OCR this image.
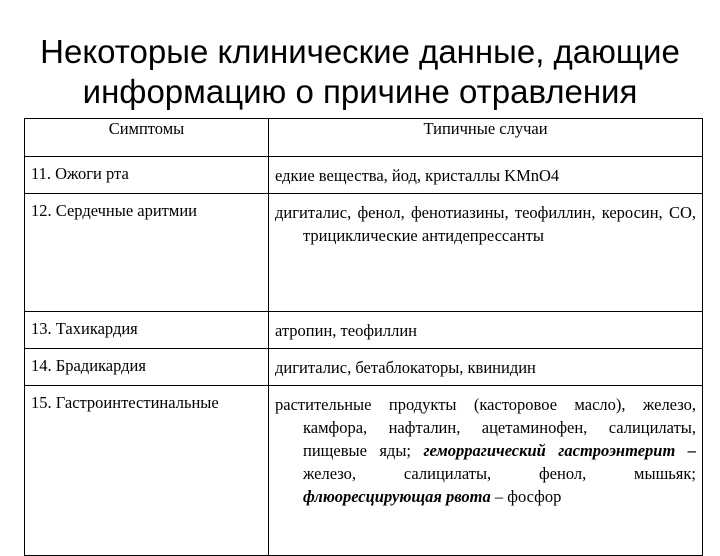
Некоторые клинические данные, дающие
информацию о причине отравления
Симптомы	Типичные случаи
11. Ожоги рта	едкие вещества, йод, кристаллы KMnO4

12. Сердечные аритмии	дигиталис, фенол, фенотиазины, теофиллин, керосин, CO, трициклические антидепрессанты

13. Тахикардия	атропин, теофиллин

14. Брадикардия	дигиталис, бетаблокаторы, квинидин

15. Гастроинтестинальные	растительные продукты (касторовое масло), железо, камфора, нафталин, ацетаминофен, салицилаты, пищевые яды; геморрагический гастроэнтерит – железо, салицилаты, фенол, мышьяк; флюоресцирующая рвота – фосфор
